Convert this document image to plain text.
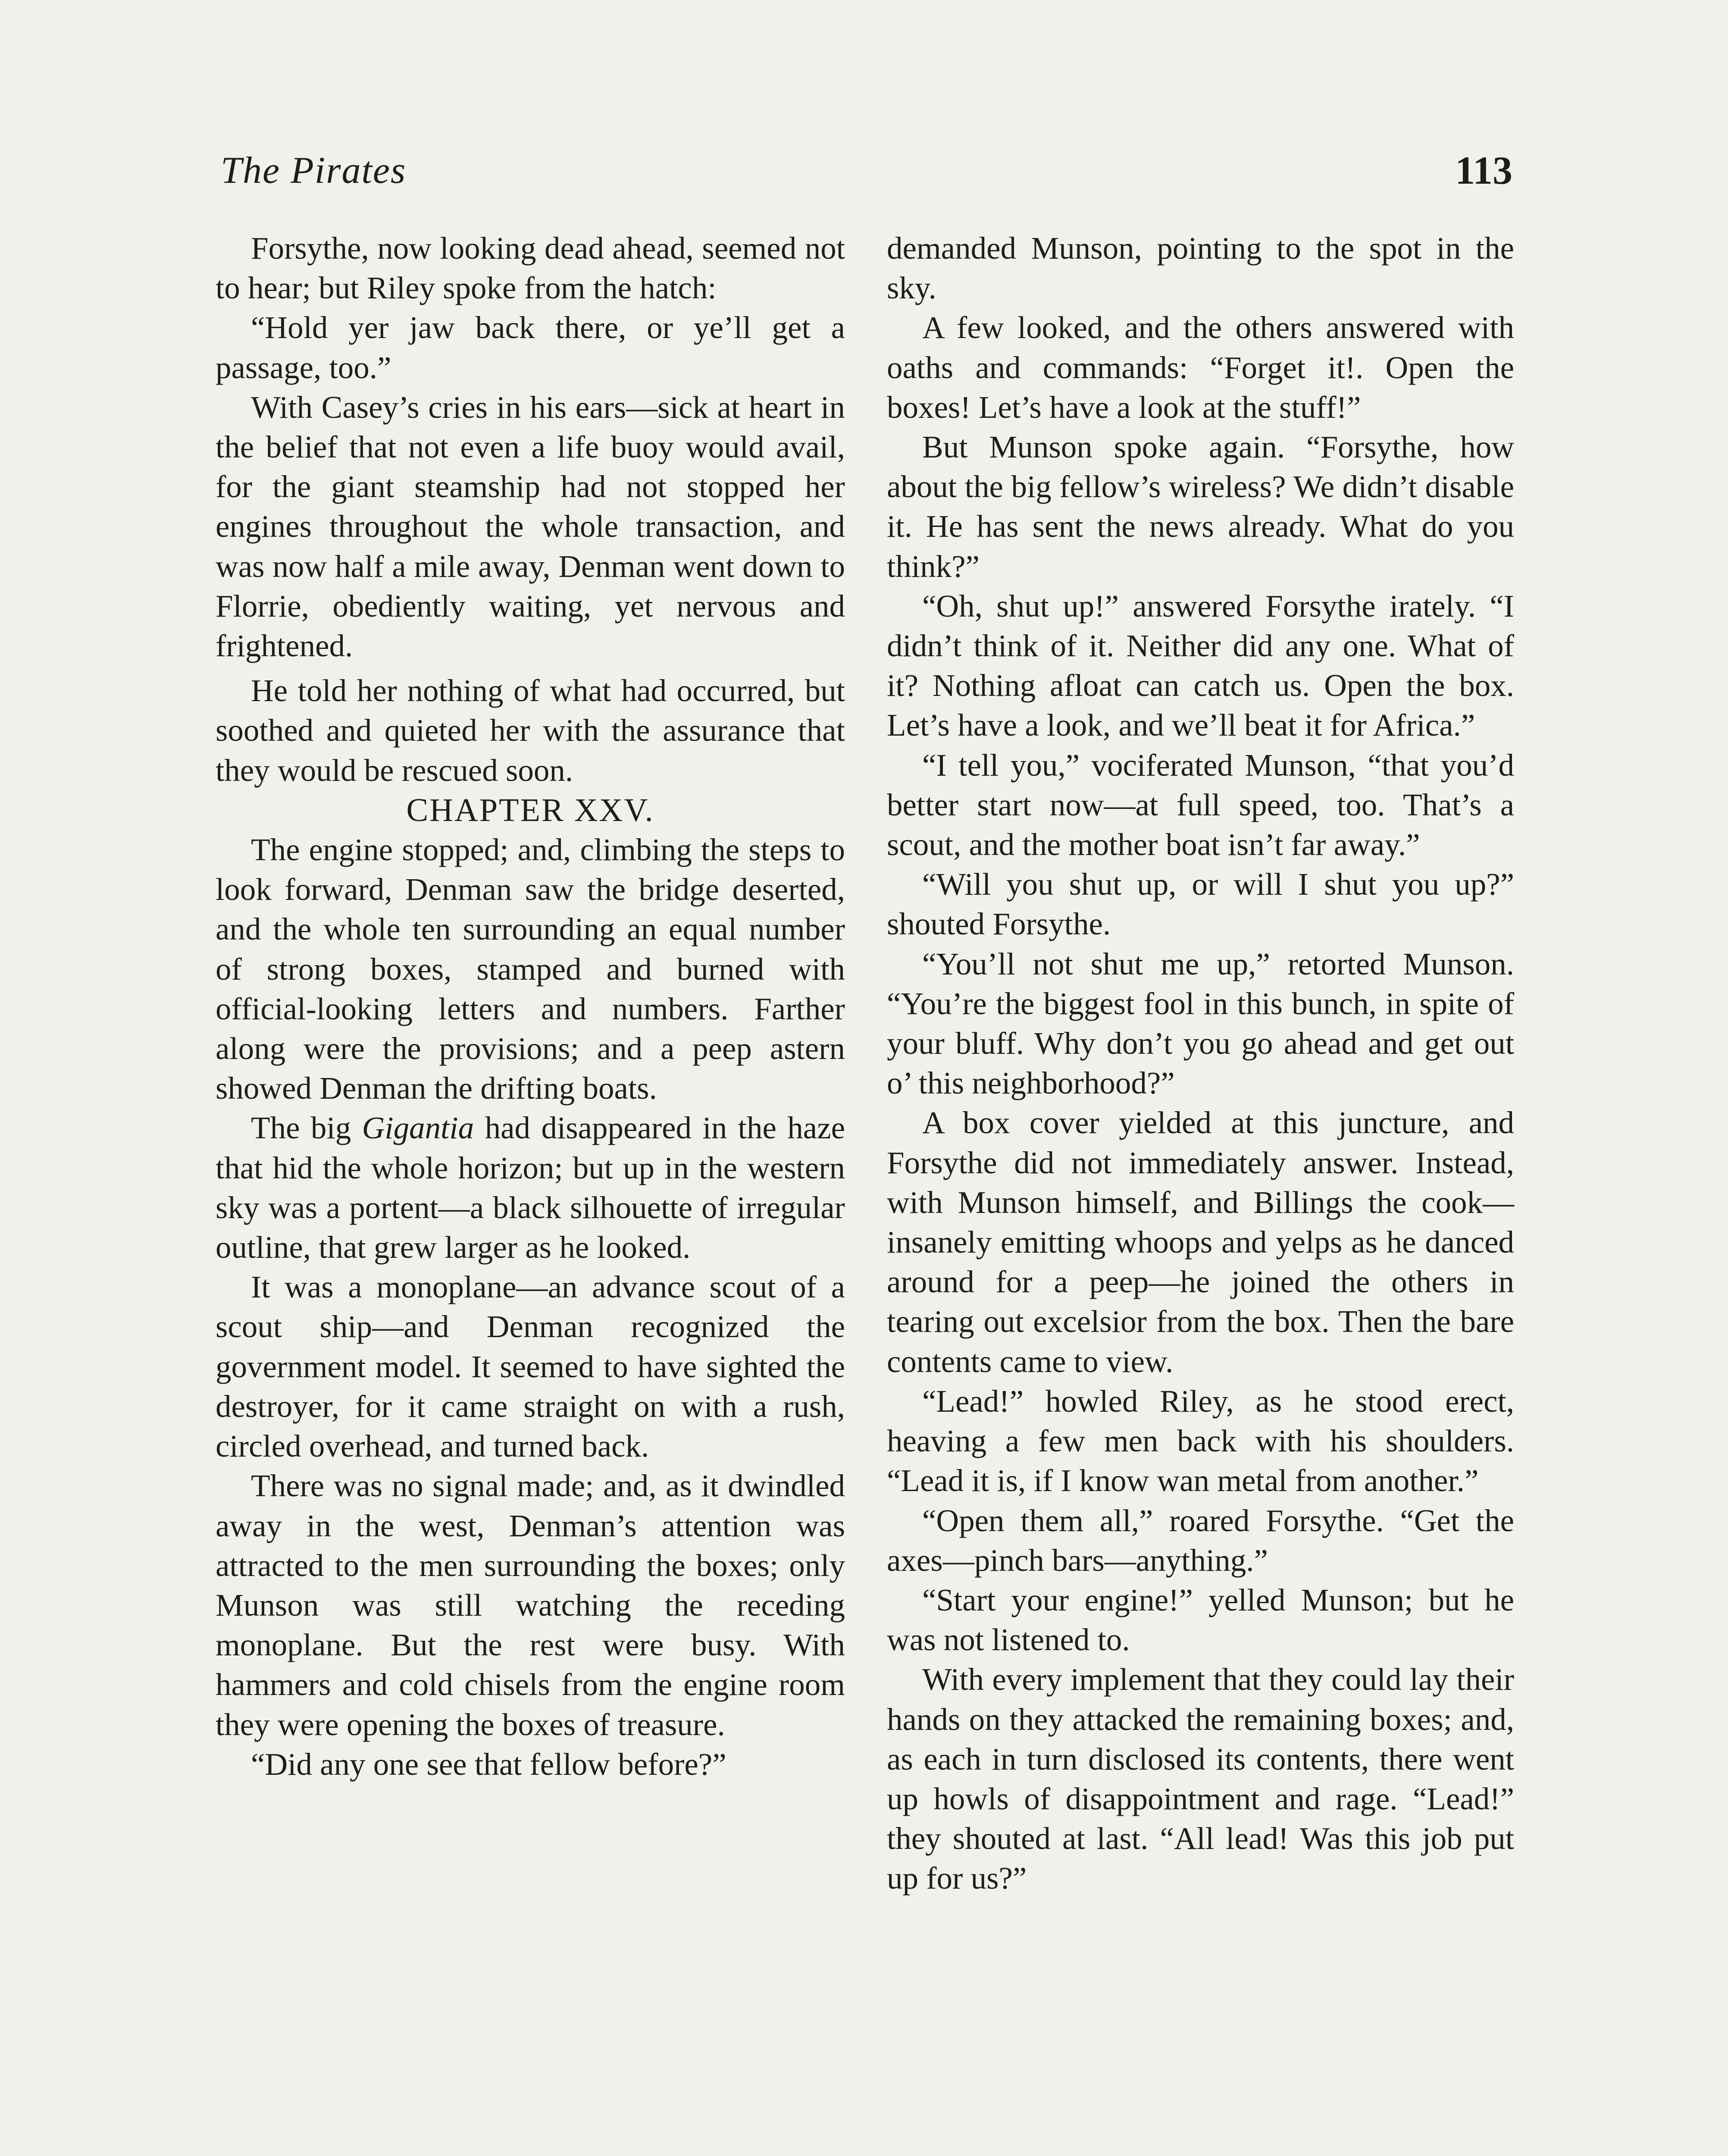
The Pirates	113

Forsythe, now looking dead ahead, seemed not to hear; but Riley spoke from the hatch:

“Hold yer jaw back there, or ye’ll get a passage, too.”

With Casey’s cries in his ears—sick at heart in the belief that not even a life buoy would avail, for the giant steamship had not stopped her engines throughout the whole transaction, and was now half a mile away, Denman went down to Florrie, obediently waiting, yet nervous and frightened.

He told her nothing of what had occurred, but soothed and quieted her with the assurance that they would be rescued soon.

CHAPTER XXV.

The engine stopped; and, climbing the steps to look forward, Denman saw the bridge deserted, and the whole ten surrounding an equal number of strong boxes, stamped and burned with official-looking letters and numbers. Farther along were the provisions; and a peep astern showed Denman the drifting boats.

The big Gigantia had disappeared in the haze that hid the whole horizon; but up in the western sky was a portent—a black silhouette of irregular outline, that grew larger as he looked.

It was a monoplane—an advance scout of a scout ship—and Denman recognized the government model. It seemed to have sighted the destroyer, for it came straight on with a rush, circled overhead, and turned back.

There was no signal made; and, as it dwindled away in the west, Denman’s attention was attracted to the men surrounding the boxes; only Munson was still watching the receding monoplane. But the rest were busy. With hammers and cold chisels from the engine room they were opening the boxes of treasure.

“Did any one see that fellow before?”

demanded Munson, pointing to the spot in the sky.

A few looked, and the others answered with oaths and commands: “Forget it!. Open the boxes! Let’s have a look at the stuff!”

But Munson spoke again. “Forsythe, how about the big fellow’s wireless? We didn’t disable it. He has sent the news already. What do you think?”

“Oh, shut up!” answered Forsythe irately. “I didn’t think of it. Neither did any one. What of it? Nothing afloat can catch us. Open the box. Let’s have a look, and we’ll beat it for Africa.”

“I tell you,” vociferated Munson, “that you’d better start now—at full speed, too. That’s a scout, and the mother boat isn’t far away.”

“Will you shut up, or will I shut you up?” shouted Forsythe.

“You’ll not shut me up,” retorted Munson. “You’re the biggest fool in this bunch, in spite of your bluff. Why don’t you go ahead and get out o’ this neighborhood?”

A box cover yielded at this juncture, and Forsythe did not immediately answer. Instead, with Munson himself, and Billings the cook—insanely emitting whoops and yelps as he danced around for a peep—he joined the others in tearing out excelsior from the box. Then the bare contents came to view.

“Lead!” howled Riley, as he stood erect, heaving a few men back with his shoulders. “Lead it is, if I know wan metal from another.”

“Open them all,” roared Forsythe. “Get the axes—pinch bars—anything.”

“Start your engine!” yelled Munson; but he was not listened to.

With every implement that they could lay their hands on they attacked the remaining boxes; and, as each in turn disclosed its contents, there went up howls of disappointment and rage. “Lead!” they shouted at last. “All lead! Was this job put up for us?”
